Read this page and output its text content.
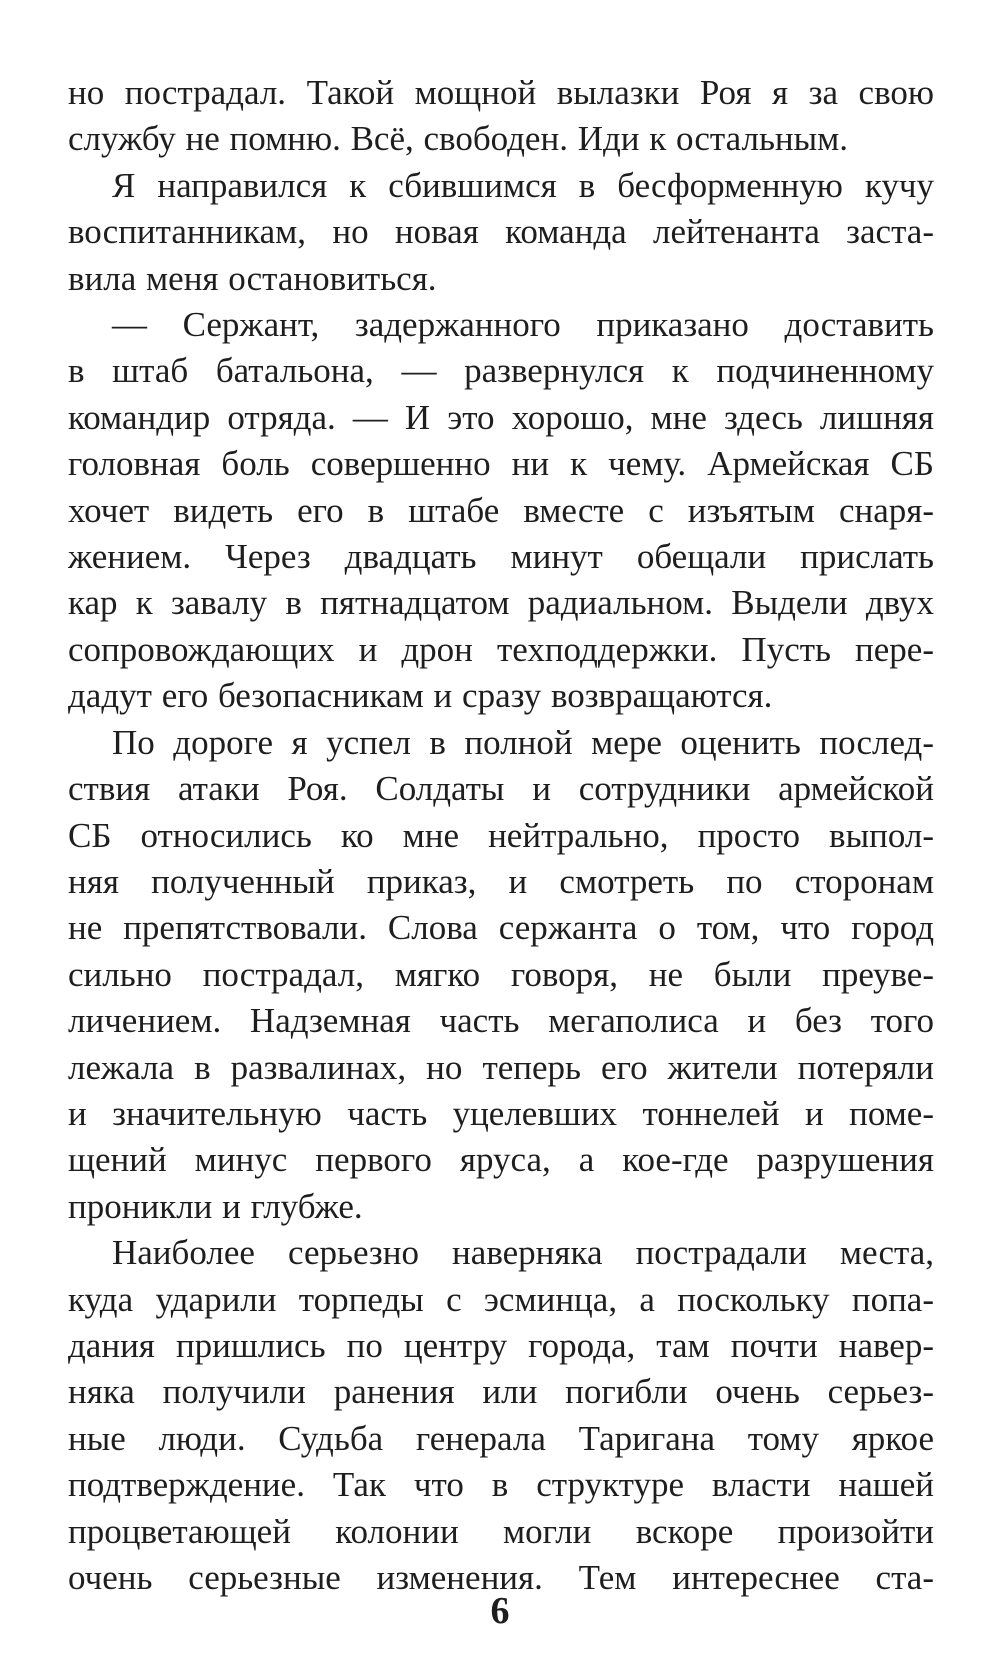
но пострадал. Такой мощной вылазки Роя я за свою
службу не помню. Всё, свободен. Иди к остальным.
Я направился к сбившимся в бесформенную кучу
воспитанникам, но новая команда лейтенанта заста-
вила меня остановиться.
— Сержант, задержанного приказано доставить
в штаб батальона, — развернулся к подчиненному
командир отряда. — И это хорошо, мне здесь лишняя
головная боль совершенно ни к чему. Армейская СБ
хочет видеть его в штабе вместе с изъятым снаря-
жением. Через двадцать минут обещали прислать
кар к завалу в пятнадцатом радиальном. Выдели двух
сопровождающих и дрон техподдержки. Пусть пере-
дадут его безопасникам и сразу возвращаются.
По дороге я успел в полной мере оценить послед-
ствия атаки Роя. Солдаты и сотрудники армейской
СБ относились ко мне нейтрально, просто выпол-
няя полученный приказ, и смотреть по сторонам
не препятствовали. Слова сержанта о том, что город
сильно пострадал, мягко говоря, не были преуве-
личением. Надземная часть мегаполиса и без того
лежала в развалинах, но теперь его жители потеряли
и значительную часть уцелевших тоннелей и поме-
щений минус первого яруса, а кое-где разрушения
проникли и глубже.
Наиболее серьезно наверняка пострадали места,
куда ударили торпеды с эсминца, а поскольку попа-
дания пришлись по центру города, там почти навер-
няка получили ранения или погибли очень серьез-
ные люди. Судьба генерала Таригана тому яркое
подтверждение. Так что в структуре власти нашей
процветающей колонии могли вскоре произойти
очень серьезные изменения. Тем интереснее ста-
6
